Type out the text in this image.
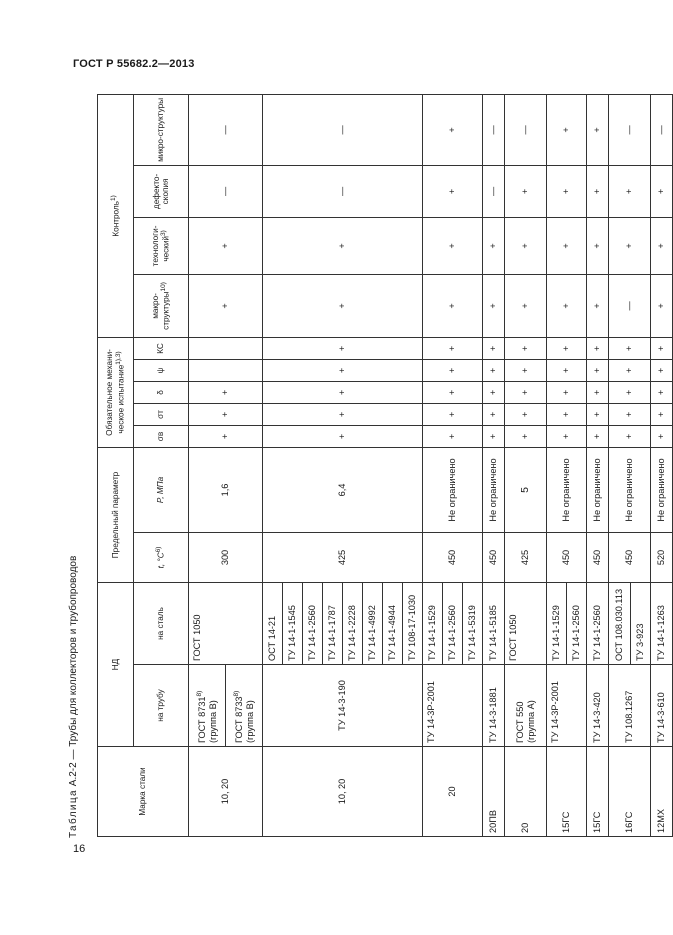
ГОСТ Р 55682.2—2013
16
Таблица А.2-2 — Трубы для коллекторов и трубопроводов
Марка стали	НД		Предельный параметр		Обязательное механи-ческое испытание$^{1),3)}$					Контроль$^{1)}$
	на трубу	на сталь	t, $^\circ C^{6)}$	P, МПа	σв	σт	δ	ψ	КС	макро-структуры$^{10)}$	технологи-ческий$^{3)}$	дефекто-скопия	микро-структуры
10, 20	ГОСТ 8731$^{8)}$
(группа В)	ГОСТ 1050	300	1,6	+	+	+			+	+	—	—
	ГОСТ 8733$^{8)}$
(группа В)												
10, 20	ТУ 14-3-190	ОСТ 14-21	425	6,4	+	+	+	+	+	+	+	—	—
		ТУ 14-1-1545											
		ТУ 14-1-2560											
		ТУ 14-1-1787											
		ТУ 14-1-2228											
		ТУ 14-1-4992											
		ТУ 14-1-4944											
		ТУ 108-17-1030											
20	ТУ 14-3Р-2001	ТУ 14-1-1529	450	Не ограничено	+	+	+	+	+	+	+	+	+
		ТУ 14-1-2560											
		ТУ 14-1-5319											
20ПВ	ТУ 14-3-1881	ТУ 14-1-5185	450	Не ограничено	+	+	+	+	+	+	+	—	—
20	ГОСТ 550
(группа А)	ГОСТ 1050	425	5	+	+	+	+	+	+	+	+	—
15ГС	ТУ 14-3Р-2001	ТУ 14-1-1529	450	Не ограничено	+	+	+	+	+	+	+	+	+
		ТУ 14-1-2560											
15ГС	ТУ 14-3-420	ТУ 14-1-2560	450	Не ограничено	+	+	+	+	+	+	+	+	+
16ГС	ТУ 108.1267	ОСТ 108.030.113	450	Не ограничено	+	+	+	+	+	—	+	+	—
		ТУ 3-923											
12МХ	ТУ 14-3-610	ТУ 14-1-1263	520	Не ограничено	+	+	+	+	+	+	+	+	—
